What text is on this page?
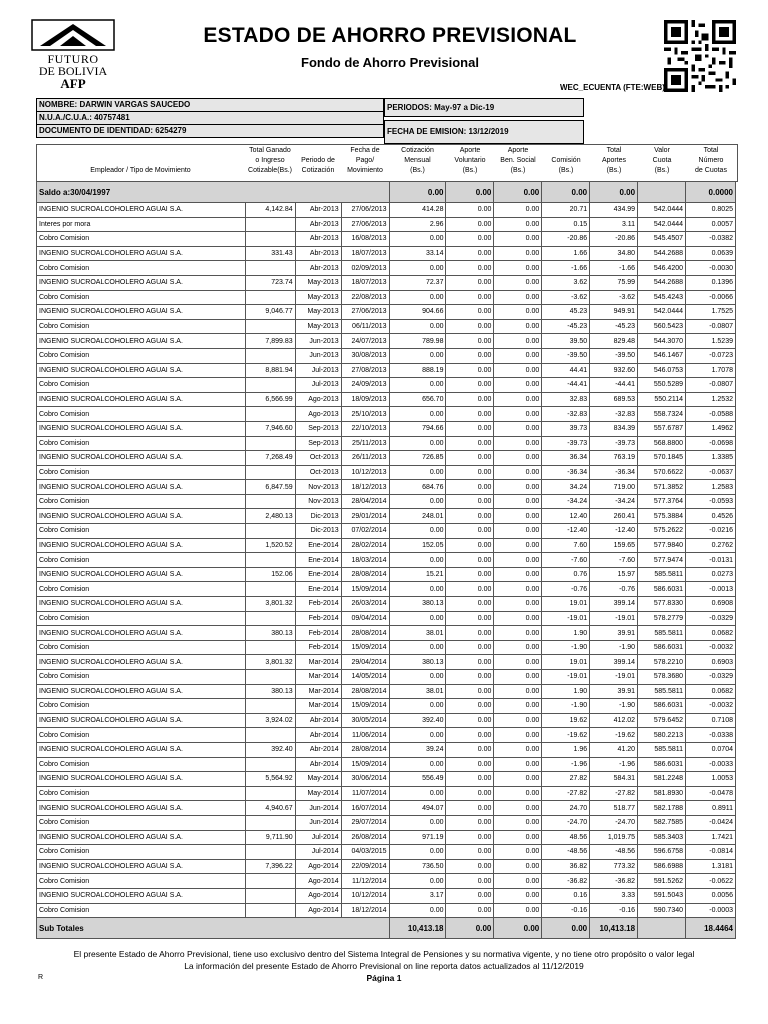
FUTURO
DE BOLIVIA
AFP
ESTADO DE AHORRO PREVISIONAL
Fondo de Ahorro Previsional
WEC_ECUENTA (FTE:WEB)
NOMBRE: DARWIN VARGAS SAUCEDO
N.U.A./C.U.A.: 40757481
DOCUMENTO DE IDENTIDAD: 6254279
PERIODOS: May-97 a Dic-19
FECHA DE EMISION: 13/12/2019
Empleador / Tipo de Movimiento
Total Ganado
o Ingreso
Cotizable(Bs.)
Periodo de
Cotización
Fecha de
Pago/
Movimiento
Cotización
Mensual
(Bs.)
Aporte
Voluntario
(Bs.)
Aporte
Ben. Social
(Bs.)
Comisión
(Bs.)
Total
Aportes
(Bs.)
Valor
Cuota
(Bs.)
Total
Número
de Cuotas
Saldo a:30/04/1997				0.00	0.00	0.00	0.00	0.00		0.0000
INGENIO SUCROALCOHOLERO AGUAI S.A.	4,142.84	Abr-2013	27/06/2013	414.28	0.00	0.00	20.71	434.99	542.0444	0.8025
Interes por mora		Abr-2013	27/06/2013	2.96	0.00	0.00	0.15	3.11	542.0444	0.0057
Cobro Comision		Abr-2013	16/08/2013	0.00	0.00	0.00	-20.86	-20.86	545.4507	-0.0382
INGENIO SUCROALCOHOLERO AGUAI S.A.	331.43	Abr-2013	18/07/2013	33.14	0.00	0.00	1.66	34.80	544.2688	0.0639
Cobro Comision		Abr-2013	02/09/2013	0.00	0.00	0.00	-1.66	-1.66	546.4200	-0.0030
INGENIO SUCROALCOHOLERO AGUAI S.A.	723.74	May-2013	18/07/2013	72.37	0.00	0.00	3.62	75.99	544.2688	0.1396
Cobro Comision		May-2013	22/08/2013	0.00	0.00	0.00	-3.62	-3.62	545.4243	-0.0066
INGENIO SUCROALCOHOLERO AGUAI S.A.	9,046.77	May-2013	27/06/2013	904.66	0.00	0.00	45.23	949.91	542.0444	1.7525
Cobro Comision		May-2013	06/11/2013	0.00	0.00	0.00	-45.23	-45.23	560.5423	-0.0807
INGENIO SUCROALCOHOLERO AGUAI S.A.	7,899.83	Jun-2013	24/07/2013	789.98	0.00	0.00	39.50	829.48	544.3070	1.5239
Cobro Comision		Jun-2013	30/08/2013	0.00	0.00	0.00	-39.50	-39.50	546.1467	-0.0723
INGENIO SUCROALCOHOLERO AGUAI S.A.	8,881.94	Jul-2013	27/08/2013	888.19	0.00	0.00	44.41	932.60	546.0753	1.7078
Cobro Comision		Jul-2013	24/09/2013	0.00	0.00	0.00	-44.41	-44.41	550.5289	-0.0807
INGENIO SUCROALCOHOLERO AGUAI S.A.	6,566.99	Ago-2013	18/09/2013	656.70	0.00	0.00	32.83	689.53	550.2114	1.2532
Cobro Comision		Ago-2013	25/10/2013	0.00	0.00	0.00	-32.83	-32.83	558.7324	-0.0588
INGENIO SUCROALCOHOLERO AGUAI S.A.	7,946.60	Sep-2013	22/10/2013	794.66	0.00	0.00	39.73	834.39	557.6787	1.4962
Cobro Comision		Sep-2013	25/11/2013	0.00	0.00	0.00	-39.73	-39.73	568.8800	-0.0698
INGENIO SUCROALCOHOLERO AGUAI S.A.	7,268.49	Oct-2013	26/11/2013	726.85	0.00	0.00	36.34	763.19	570.1845	1.3385
Cobro Comision		Oct-2013	10/12/2013	0.00	0.00	0.00	-36.34	-36.34	570.6622	-0.0637
INGENIO SUCROALCOHOLERO AGUAI S.A.	6,847.59	Nov-2013	18/12/2013	684.76	0.00	0.00	34.24	719.00	571.3852	1.2583
Cobro Comision		Nov-2013	28/04/2014	0.00	0.00	0.00	-34.24	-34.24	577.3764	-0.0593
INGENIO SUCROALCOHOLERO AGUAI S.A.	2,480.13	Dic-2013	29/01/2014	248.01	0.00	0.00	12.40	260.41	575.3884	0.4526
Cobro Comision		Dic-2013	07/02/2014	0.00	0.00	0.00	-12.40	-12.40	575.2622	-0.0216
INGENIO SUCROALCOHOLERO AGUAI S.A.	1,520.52	Ene-2014	28/02/2014	152.05	0.00	0.00	7.60	159.65	577.9840	0.2762
Cobro Comision		Ene-2014	18/03/2014	0.00	0.00	0.00	-7.60	-7.60	577.9474	-0.0131
INGENIO SUCROALCOHOLERO AGUAI S.A.	152.06	Ene-2014	28/08/2014	15.21	0.00	0.00	0.76	15.97	585.5811	0.0273
Cobro Comision		Ene-2014	15/09/2014	0.00	0.00	0.00	-0.76	-0.76	586.6031	-0.0013
INGENIO SUCROALCOHOLERO AGUAI S.A.	3,801.32	Feb-2014	26/03/2014	380.13	0.00	0.00	19.01	399.14	577.8330	0.6908
Cobro Comision		Feb-2014	09/04/2014	0.00	0.00	0.00	-19.01	-19.01	578.2779	-0.0329
INGENIO SUCROALCOHOLERO AGUAI S.A.	380.13	Feb-2014	28/08/2014	38.01	0.00	0.00	1.90	39.91	585.5811	0.0682
Cobro Comision		Feb-2014	15/09/2014	0.00	0.00	0.00	-1.90	-1.90	586.6031	-0.0032
INGENIO SUCROALCOHOLERO AGUAI S.A.	3,801.32	Mar-2014	29/04/2014	380.13	0.00	0.00	19.01	399.14	578.2210	0.6903
Cobro Comision		Mar-2014	14/05/2014	0.00	0.00	0.00	-19.01	-19.01	578.3680	-0.0329
INGENIO SUCROALCOHOLERO AGUAI S.A.	380.13	Mar-2014	28/08/2014	38.01	0.00	0.00	1.90	39.91	585.5811	0.0682
Cobro Comision		Mar-2014	15/09/2014	0.00	0.00	0.00	-1.90	-1.90	586.6031	-0.0032
INGENIO SUCROALCOHOLERO AGUAI S.A.	3,924.02	Abr-2014	30/05/2014	392.40	0.00	0.00	19.62	412.02	579.6452	0.7108
Cobro Comision		Abr-2014	11/06/2014	0.00	0.00	0.00	-19.62	-19.62	580.2213	-0.0338
INGENIO SUCROALCOHOLERO AGUAI S.A.	392.40	Abr-2014	28/08/2014	39.24	0.00	0.00	1.96	41.20	585.5811	0.0704
Cobro Comision		Abr-2014	15/09/2014	0.00	0.00	0.00	-1.96	-1.96	586.6031	-0.0033
INGENIO SUCROALCOHOLERO AGUAI S.A.	5,564.92	May-2014	30/06/2014	556.49	0.00	0.00	27.82	584.31	581.2248	1.0053
Cobro Comision		May-2014	11/07/2014	0.00	0.00	0.00	-27.82	-27.82	581.8930	-0.0478
INGENIO SUCROALCOHOLERO AGUAI S.A.	4,940.67	Jun-2014	16/07/2014	494.07	0.00	0.00	24.70	518.77	582.1788	0.8911
Cobro Comision		Jun-2014	29/07/2014	0.00	0.00	0.00	-24.70	-24.70	582.7585	-0.0424
INGENIO SUCROALCOHOLERO AGUAI S.A.	9,711.90	Jul-2014	26/08/2014	971.19	0.00	0.00	48.56	1,019.75	585.3403	1.7421
Cobro Comision		Jul-2014	04/03/2015	0.00	0.00	0.00	-48.56	-48.56	596.6758	-0.0814
INGENIO SUCROALCOHOLERO AGUAI S.A.	7,396.22	Ago-2014	22/09/2014	736.50	0.00	0.00	36.82	773.32	586.6988	1.3181
Cobro Comision		Ago-2014	11/12/2014	0.00	0.00	0.00	-36.82	-36.82	591.5262	-0.0622
INGENIO SUCROALCOHOLERO AGUAI S.A.		Ago-2014	10/12/2014	3.17	0.00	0.00	0.16	3.33	591.5043	0.0056
Cobro Comision		Ago-2014	18/12/2014	0.00	0.00	0.00	-0.16	-0.16	590.7340	-0.0003
Sub Totales				10,413.18	0.00	0.00	0.00	10,413.18		18.4464
El presente Estado de Ahorro Previsional, tiene uso exclusivo dentro del Sistema Integral de Pensiones y su normativa vigente, y no tiene otro propósito o valor legal
La información del presente Estado de Ahorro Previsional on line reporta datos actualizados al 11/12/2019
Página 1
R
